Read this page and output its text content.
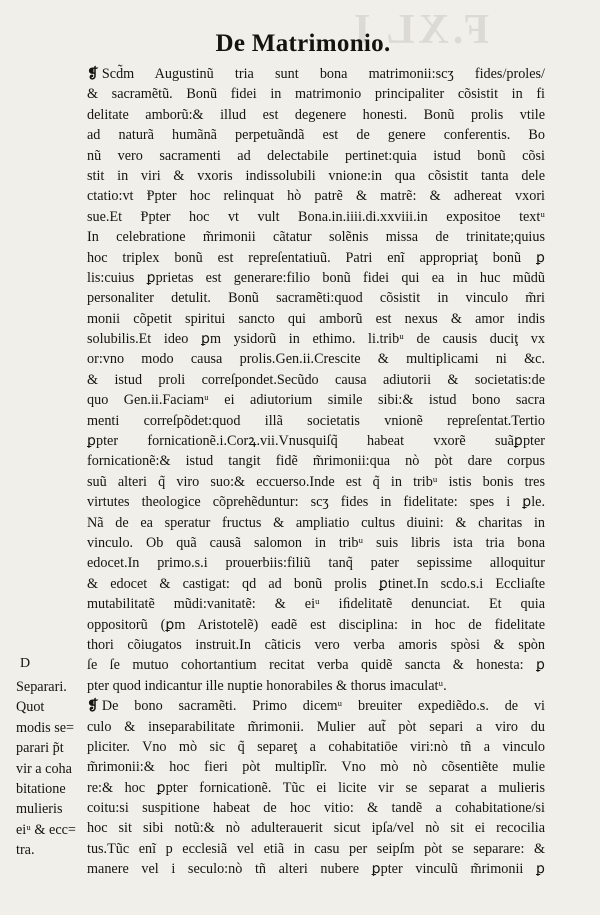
F.XL I
De Matrimonio.
❡ Scd̃m Augustinũ tria sunt bona matrimonii:scʒ fides/proles/
& sacramẽtũ. Bonũ fidei in matrimonio principaliter cõsistit in fi
delitate amborũ:& illud est degenere honesti. Bonũ prolis vtile
ad naturã humãnã perpetuãndã est de genere conferentis. Bo
nũ vero sacramenti ad delectabile pertinet:quia istud bonũ cõsi
stit in viri & vxoris indissolubili vnione:in qua cõsistit tanta dele
ctatio:vt Ᵽpter hoc relinquat hò patrẽ & matrẽ: & adhereat vxori
sue.Et Ᵽpter hoc vt vult Bona.in.iiii.di.xxviii.in expositoe textᵘ
In celebratione m̃rimonii cãtatur solẽnis missa de trinitate;quius
hoc triplex bonũ est repreſentatiuũ. Patri enĩ appropriaţ bonũ ꝑ
lis:cuius ꝑprietas est generare:filio bonũ fidei qui ea in huc mũdũ
personaliter detulit. Bonũ sacramẽti:quod cõsistit in vinculo m̃ri
monii cõpetit spiritui sancto qui amborũ est nexus & amor indis
solubilis.Et ideo ꝑm ysidorũ in ethimo. li.tribᵘ de causis duciţ vx
or:vno modo causa prolis.Gen.ii.Crescite & multiplicami ni &c.
& istud proli correſpondet.Secũdo causa adiutorii & societatis:de
quo Gen.ii.Faciamᵘ ei adiutorium simile sibi:& istud bono sacra
menti correſpõdet:quod illã societatis vnionẽ repreſentat.Tertio
ꝑpter fornicationẽ.i.Corꝝ.vii.Vnusquiſq̃ habeat vxorẽ suãꝑpter
fornicationẽ:& istud tangit fidẽ m̃rimonii:qua nò pòt dare corpus
suũ alteri q̃ viro suo:& eccuerso.Inde est q̃ in tribᵘ istis bonis tres
virtutes theologice cõprehẽduntur: scʒ fides in fidelitate: spes i ꝑle.
Nã de ea speratur fructus & ampliatio cultus diuini: & charitas in
vinculo. Ob quã causã salomon in tribᵘ suis libris ista tria bona
edocet.In primo.s.i prouerbiis:filiũ tanq̃ pater sepissime alloquitur
& edocet & castigat: qd ad bonũ prolis ꝑtinet.In scdo.s.i Eccliaſte
mutabilitatẽ mũdi:vanitatẽ: & eiᵘ iﬁdelitatẽ denunciat. Et quia
oppositorũ (ꝑm Aristotelẽ) eadẽ est disciplina: in hoc de fidelitate
thori cõiugatos instruit.In cãticis vero verba amoris spòsi & spòn
ſe ſe mutuo cohortantium recitat verba quidẽ sancta & honesta: ꝑ
pter quod indicantur ille nuptie honorabiles & thorus imaculatᵘ.
❡ De bono sacramẽti. Primo dicemᵘ breuiter expediẽdo.s. de vi
culo & inseparabilitate m̃rimonii. Mulier aut̃ pòt separi a viro du
pliciter. Vno mò sic q̃ separeţ a cohabitatiōe viri:nò tñ a vinculo
m̃rimonii:& hoc fieri pòt multiplĩr. Vno mò nò cõsentiẽte mulie
re:& hoc ꝑpter fornicationẽ. Tũc ei licite vir se separat a mulieris
coitu:si suspitione habeat de hoc vitio: & tandẽ a cohabitatione/si
hoc sit sibi notũ:& nò adulterauerit sicut ipſa/vel nò sit ei recocilia
tus.Tũc enĩ p ecclesiã vel etiã in casu per seipſm pòt se separare: &
manere vel i seculo:nò tñ alteri nubere ꝑpter vinculũ m̃rimonii ꝑ
D
Separari.
Quot
modis se=
parari p̃t
vir a coha
bitatione
mulieris
eiᵘ & ecc=
tra.
